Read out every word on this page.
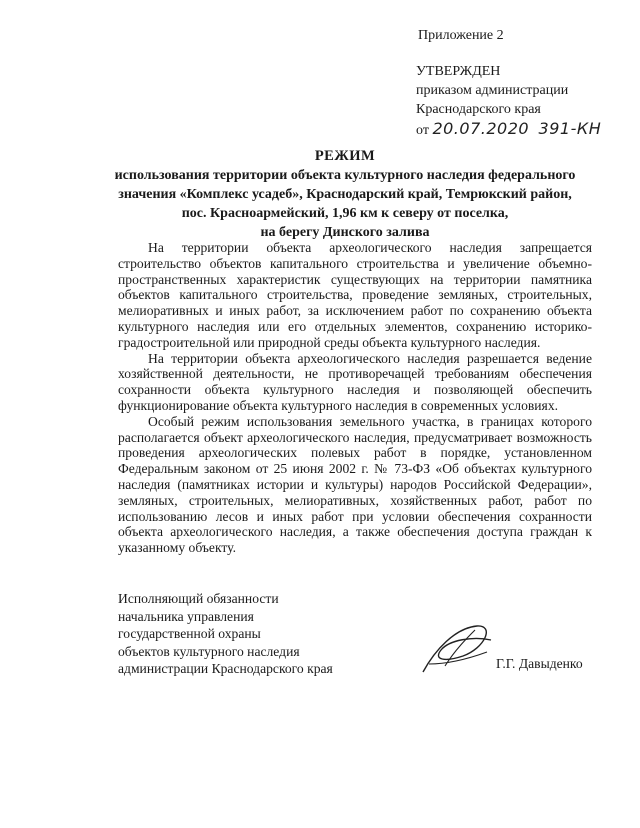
Приложение 2
УТВЕРЖДЕН
приказом администрации
Краснодарского края
от 20.07.2020 391-КН
РЕЖИМ
использования территории объекта культурного наследия федерального
значения «Комплекс усадеб», Краснодарский край, Темрюкский район,
пос. Красноармейский, 1,96 км к северу от поселка,
на берегу Динского залива

На территории объекта археологического наследия запрещается строительство объектов капитального строительства и увеличение объемно-пространственных характеристик существующих на территории памятника объектов капитального строительства, проведение земляных, строительных, мелиоративных и иных работ, за исключением работ по сохранению объекта культурного наследия или его отдельных элементов, сохранению историко-градостроительной или природной среды объекта культурного наследия.

На территории объекта археологического наследия разрешается ведение хозяйственной деятельности, не противоречащей требованиям обеспечения сохранности объекта культурного наследия и позволяющей обеспечить функционирование объекта культурного наследия в современных условиях.

Особый режим использования земельного участка, в границах которого располагается объект археологического наследия, предусматривает возможность проведения археологических полевых работ в порядке, установленном Федеральным законом от 25 июня 2002 г. № 73-ФЗ «Об объектах культурного наследия (памятниках истории и культуры) народов Российской Федерации», земляных, строительных, мелиоративных, хозяйственных работ, работ по использованию лесов и иных работ при условии обеспечения сохранности объекта археологического наследия, а также обеспечения доступа граждан к указанному объекту.

Исполняющий обязанности
начальника управления
государственной охраны
объектов культурного наследия
администрации Краснодарского края	Г.Г. Давыденко
